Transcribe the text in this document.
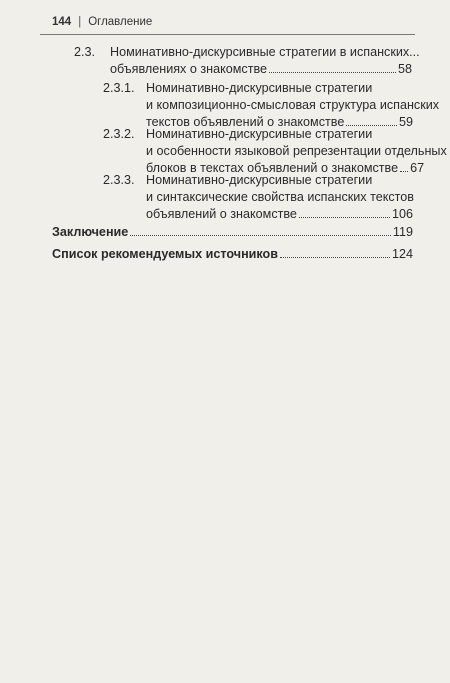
144 | Оглавление
2.3. Номинативно-дискурсивные стратегии в испанских...
объявлениях о знакомстве	58
2.3.1. Номинативно-дискурсивные стратегии
и композиционно-смысловая структура испанских
текстов объявлений о знакомстве	59
2.3.2. Номинативно-дискурсивные стратегии
и особенности языковой репрезентации отдельных
блоков в текстах объявлений о знакомстве 67
2.3.3. Номинативно-дискурсивные стратегии
и синтаксические свойства испанских текстов
объявлений о знакомстве	106
Заключение	119
Список рекомендуемых источников	124
